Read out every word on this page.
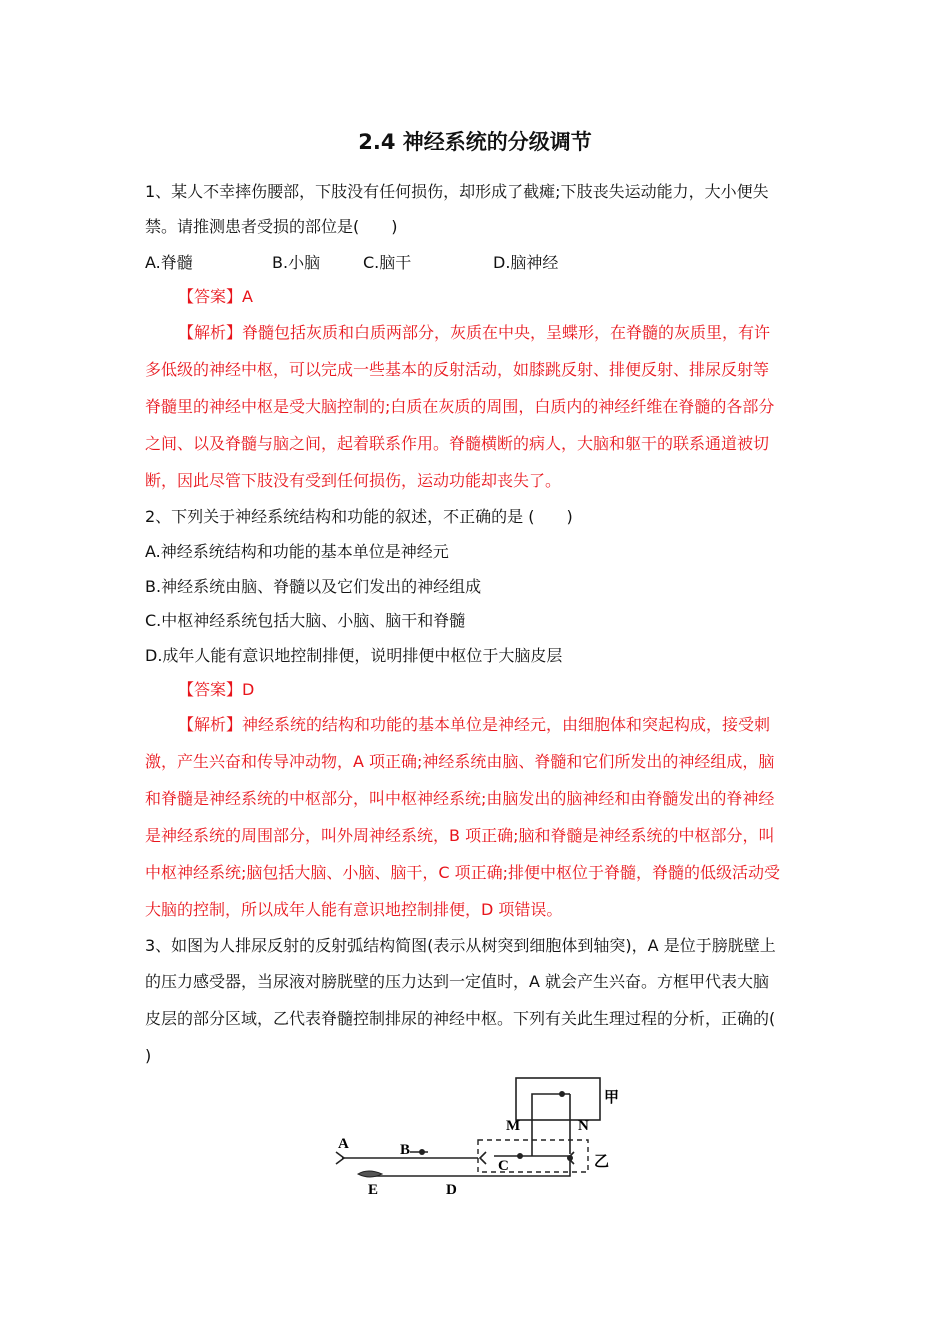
2.4 神经系统的分级调节
1、某人不幸摔伤腰部，下肢没有任何损伤，却形成了截瘫;下肢丧失运动能力，大小便失
禁。请推测患者受损的部位是(　　)
A.脊髓	B.小脑	C.脑干	D.脑神经
【答案】A
【解析】脊髓包括灰质和白质两部分，灰质在中央，呈蝶形，在脊髓的灰质里，有许
多低级的神经中枢，可以完成一些基本的反射活动，如膝跳反射、排便反射、排尿反射等
脊髓里的神经中枢是受大脑控制的;白质在灰质的周围，白质内的神经纤维在脊髓的各部分
之间、以及脊髓与脑之间，起着联系作用。脊髓横断的病人，大脑和躯干的联系通道被切
断，因此尽管下肢没有受到任何损伤，运动功能却丧失了。
2、下列关于神经系统结构和功能的叙述，不正确的是 (　　)
A.神经系统结构和功能的基本单位是神经元
B.神经系统由脑、脊髓以及它们发出的神经组成
C.中枢神经系统包括大脑、小脑、脑干和脊髓
D.成年人能有意识地控制排便，说明排便中枢位于大脑皮层
【答案】D
【解析】神经系统的结构和功能的基本单位是神经元，由细胞体和突起构成，接受刺
激，产生兴奋和传导冲动物，A 项正确;神经系统由脑、脊髓和它们所发出的神经组成，脑
和脊髓是神经系统的中枢部分，叫中枢神经系统;由脑发出的脑神经和由脊髓发出的脊神经
是神经系统的周围部分，叫外周神经系统，B 项正确;脑和脊髓是神经系统的中枢部分，叫
中枢神经系统;脑包括大脑、小脑、脑干，C 项正确;排便中枢位于脊髓，脊髓的低级活动受
大脑的控制，所以成年人能有意识地控制排便，D 项错误。
3、如图为人排尿反射的反射弧结构简图(表示从树突到细胞体到轴突)，A 是位于膀胱壁上
的压力感受器，当尿液对膀胱壁的压力达到一定值时，A 就会产生兴奋。方框甲代表大脑
皮层的部分区域，乙代表脊髓控制排尿的神经中枢。下列有关此生理过程的分析，正确的(
)
A	B
C
D
E
M	N
甲
乙
